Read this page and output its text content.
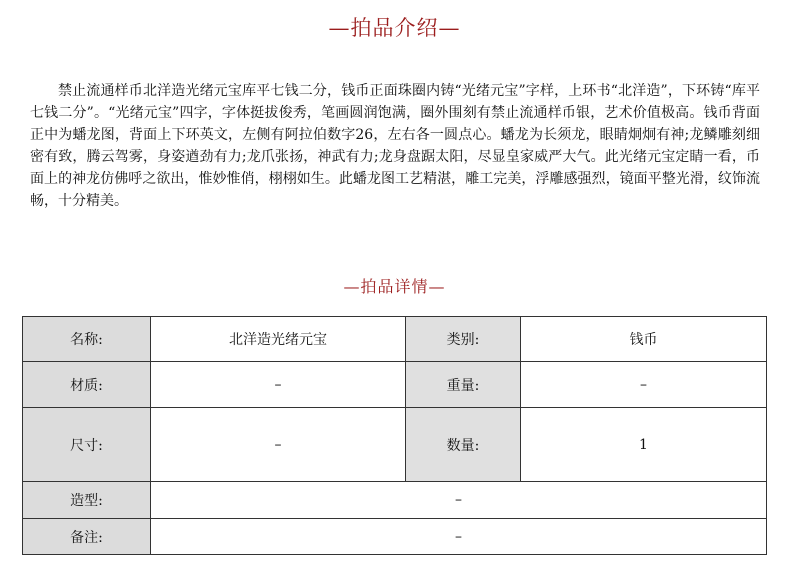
—拍品介绍—

禁止流通样币北洋造光绪元宝库平七钱二分，钱币正面珠圈内铸“光绪元宝”字样，上环书“北洋造”，下环铸“库平七钱二分”。“光绪元宝”四字，字体挺拔俊秀，笔画圆润饱满，圈外围刻有禁止流通样币银，艺术价值极高。钱币背面正中为蟠龙图，背面上下环英文，左侧有阿拉伯数字26，左右各一圆点心。蟠龙为长须龙，眼睛炯炯有神;龙鳞雕刻细密有致，腾云驾雾，身姿遒劲有力;龙爪张扬，神武有力;龙身盘踞太阳，尽显皇家威严大气。此光绪元宝定睛一看，币面上的神龙仿佛呼之欲出，惟妙惟俏，栩栩如生。此蟠龙图工艺精湛，雕工完美，浮雕感强烈，镜面平整光滑，纹饰流畅，十分精美。

—拍品详情—
名称:	北洋造光绪元宝	类别:	钱币
材质:	–	重量:	–
尺寸:	–	数量:	1
造型:	–		
备注:	–		
